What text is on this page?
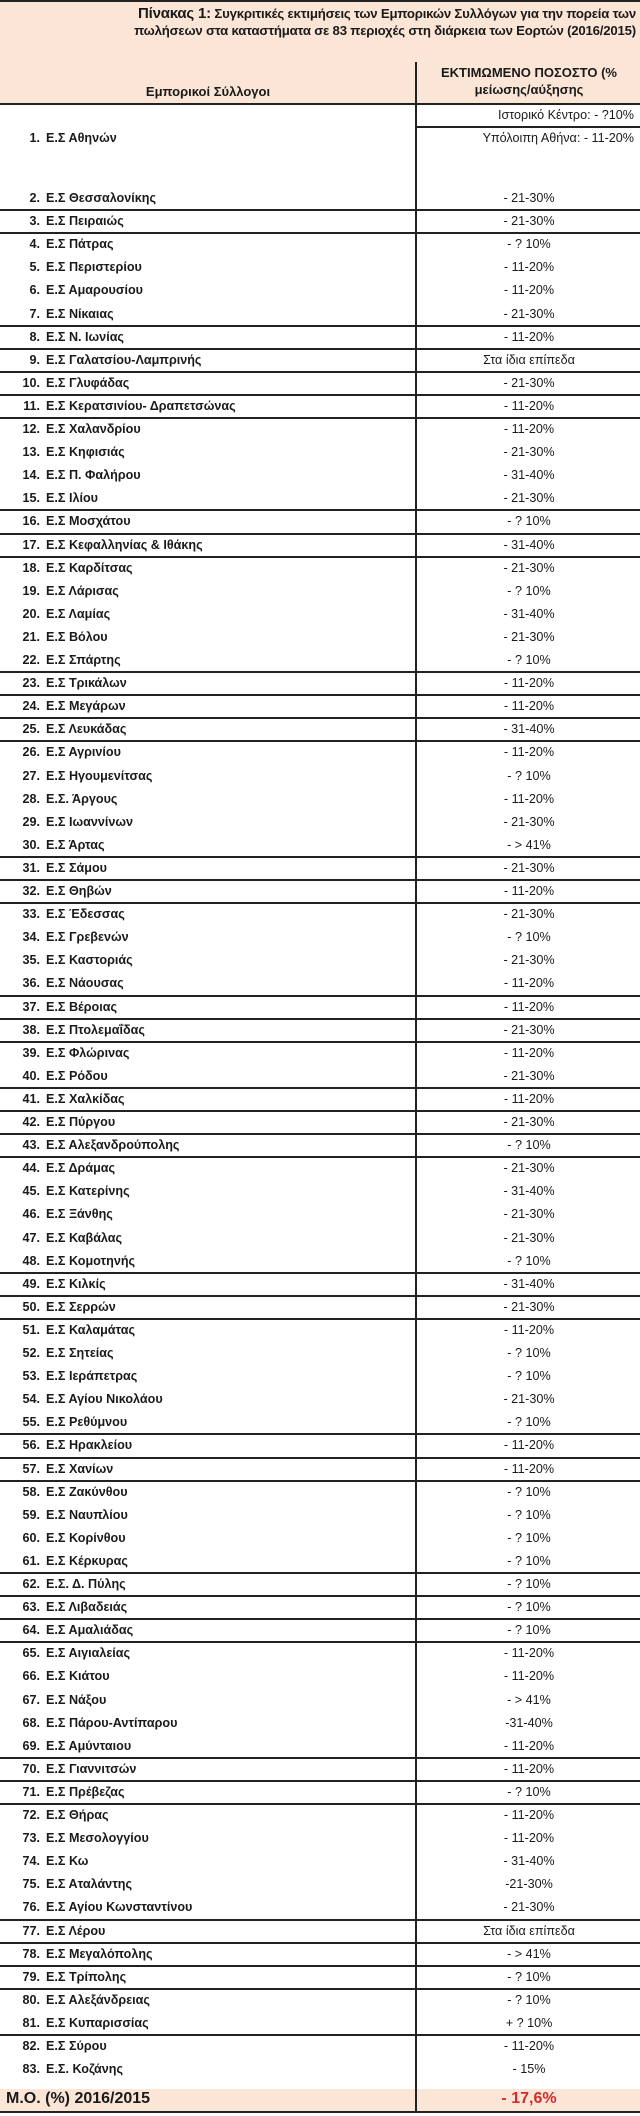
Πίνακας 1: Συγκριτικές εκτιμήσεις των Εμπορικών Συλλόγων για την πορεία των
πωλήσεων στα καταστήματα σε 83 περιοχές στη διάρκεια των Εορτών (2016/2015)
Εμπορικοί Σύλλογοι
ΕΚΤΙΜΩΜΕΝΟ ΠΟΣΟΣΤΟ (%
μείωσης/αύξησης
1. Ε.Σ Αθηνών
Ιστορικό Κέντρο: - ?10%
Υπόλοιπη Αθήνα: - 11-20%
2. Ε.Σ Θεσσαλονίκης	- 21-30%
3. Ε.Σ Πειραιώς	- 21-30%
4. Ε.Σ Πάτρας	- ? 10%
5. Ε.Σ Περιστερίου	- 11-20%
6. Ε.Σ Αμαρουσίου	- 11-20%
7. Ε.Σ Νίκαιας	- 21-30%
8. Ε.Σ Ν. Ιωνίας	- 11-20%
9. Ε.Σ Γαλατσίου-Λαμπρινής	Στα ίδια επίπεδα
10. Ε.Σ Γλυφάδας	- 21-30%
11. Ε.Σ Κερατσινίου- Δραπετσώνας	- 11-20%
12. Ε.Σ Χαλανδρίου	- 11-20%
13. Ε.Σ Κηφισιάς	- 21-30%
14. Ε.Σ Π. Φαλήρου	- 31-40%
15. Ε.Σ Ιλίου	- 21-30%
16. Ε.Σ Μοσχάτου	- ? 10%
17. Ε.Σ Κεφαλληνίας & Ιθάκης	- 31-40%
18. Ε.Σ Καρδίτσας	- 21-30%
19. Ε.Σ Λάρισας	- ? 10%
20. Ε.Σ Λαμίας	- 31-40%
21. Ε.Σ Βόλου	- 21-30%
22. Ε.Σ Σπάρτης	- ? 10%
23. Ε.Σ Τρικάλων	- 11-20%
24. Ε.Σ Μεγάρων	- 11-20%
25. Ε.Σ Λευκάδας	- 31-40%
26. Ε.Σ Αγρινίου	- 11-20%
27. Ε.Σ Ηγουμενίτσας	- ? 10%
28. Ε.Σ. Άργους	- 11-20%
29. Ε.Σ Ιωαννίνων	- 21-30%
30. Ε.Σ Άρτας	- > 41%
31. Ε.Σ Σάμου	- 21-30%
32. Ε.Σ Θηβών	- 11-20%
33. Ε.Σ Έδεσσας	- 21-30%
34. Ε.Σ Γρεβενών	- ? 10%
35. Ε.Σ Καστοριάς	- 21-30%
36. Ε.Σ Νάουσας	- 11-20%
37. Ε.Σ Βέροιας	- 11-20%
38. Ε.Σ Πτολεμαΐδας	- 21-30%
39. Ε.Σ Φλώρινας	- 11-20%
40. Ε.Σ Ρόδου	- 21-30%
41. Ε.Σ Χαλκίδας	- 11-20%
42. Ε.Σ Πύργου	- 21-30%
43. Ε.Σ Αλεξανδρούπολης	- ? 10%
44. Ε.Σ Δράμας	- 21-30%
45. Ε.Σ Κατερίνης	- 31-40%
46. Ε.Σ Ξάνθης	- 21-30%
47. Ε.Σ Καβάλας	- 21-30%
48. Ε.Σ Κομοτηνής	- ? 10%
49. Ε.Σ Κιλκίς	- 31-40%
50. Ε.Σ Σερρών	- 21-30%
51. Ε.Σ Καλαμάτας	- 11-20%
52. Ε.Σ Σητείας	- ? 10%
53. Ε.Σ Ιεράπετρας	- ? 10%
54. Ε.Σ Αγίου Νικολάου	- 21-30%
55. Ε.Σ Ρεθύμνου	- ? 10%
56. Ε.Σ Ηρακλείου	- 11-20%
57. Ε.Σ Χανίων	- 11-20%
58. Ε.Σ Ζακύνθου	- ? 10%
59. Ε.Σ Ναυπλίου	- ? 10%
60. Ε.Σ Κορίνθου	- ? 10%
61. Ε.Σ Κέρκυρας	- ? 10%
62. Ε.Σ. Δ. Πύλης	- ? 10%
63. Ε.Σ Λιβαδειάς	- ? 10%
64. Ε.Σ Αμαλιάδας	- ? 10%
65. Ε.Σ Αιγιαλείας	- 11-20%
66. Ε.Σ Κιάτου	- 11-20%
67. Ε.Σ Νάξου	- > 41%
68. Ε.Σ Πάρου-Αντίπαρου	-31-40%
69. Ε.Σ Αμύνταιου	- 11-20%
70. Ε.Σ Γιαννιτσών	- 11-20%
71. Ε.Σ Πρέβεζας	- ? 10%
72. Ε.Σ Θήρας	- 11-20%
73. Ε.Σ Μεσολογγίου	- 11-20%
74. Ε.Σ Κω	- 31-40%
75. Ε.Σ Αταλάντης	-21-30%
76. Ε.Σ Αγίου Κωνσταντίνου	- 21-30%
77. Ε.Σ Λέρου	Στα ίδια επίπεδα
78. Ε.Σ Μεγαλόπολης	- > 41%
79. Ε.Σ Τρίπολης	- ? 10%
80. Ε.Σ Αλεξάνδρειας	- ? 10%
81. Ε.Σ Κυπαρισσίας	+ ? 10%
82. Ε.Σ Σύρου	- 11-20%
83. Ε.Σ. Κοζάνης	- 15%
Μ.Ο. (%) 2016/2015	- 17,6%
